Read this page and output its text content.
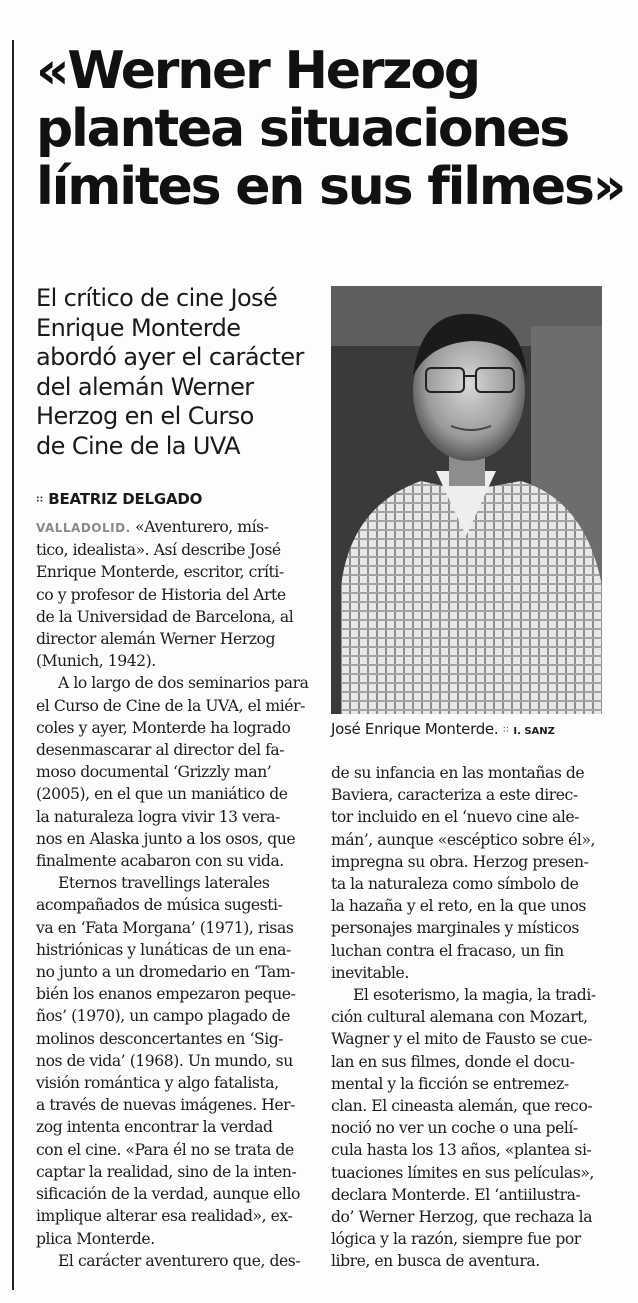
«Werner Herzog
plantea situaciones
límites en sus filmes»
El crítico de cine José
Enrique Monterde
abordó ayer el carácter
del alemán Werner
Herzog en el Curso
de Cine de la UVA
:: BEATRIZ DELGADO
José Enrique Monterde. :: I. SANZ
VALLADOLID. «Aventurero, mís-
tico, idealista». Así describe José
Enrique Monterde, escritor, críti-
co y profesor de Historia del Arte
de la Universidad de Barcelona, al
director alemán Werner Herzog
(Munich, 1942).
A lo largo de dos seminarios para
el Curso de Cine de la UVA, el miér-
coles y ayer, Monterde ha logrado
desenmascarar al director del fa-
moso documental ‘Grizzly man’
(2005), en el que un maniático de
la naturaleza logra vivir 13 vera-
nos en Alaska junto a los osos, que
finalmente acabaron con su vida.
Eternos travellings laterales
acompañados de música sugesti-
va en ‘Fata Morgana’ (1971), risas
histriónicas y lunáticas de un ena-
no junto a un dromedario en ‘Tam-
bién los enanos empezaron peque-
ños’ (1970), un campo plagado de
molinos desconcertantes en ‘Sig-
nos de vida’ (1968). Un mundo, su
visión romántica y algo fatalista,
a través de nuevas imágenes. Her-
zog intenta encontrar la verdad
con el cine. «Para él no se trata de
captar la realidad, sino de la inten-
sificación de la verdad, aunque ello
implique alterar esa realidad», ex-
plica Monterde.
El carácter aventurero que, des-
de su infancia en las montañas de
Baviera, caracteriza a este direc-
tor incluido en el ‘nuevo cine ale-
mán’, aunque «escéptico sobre él»,
impregna su obra. Herzog presen-
ta la naturaleza como símbolo de
la hazaña y el reto, en la que unos
personajes marginales y místicos
luchan contra el fracaso, un fin
inevitable.
El esoterismo, la magia, la tradi-
ción cultural alemana con Mozart,
Wagner y el mito de Fausto se cue-
lan en sus filmes, donde el docu-
mental y la ficción se entremez-
clan. El cineasta alemán, que reco-
noció no ver un coche o una pelí-
cula hasta los 13 años, «plantea si-
tuaciones límites en sus películas»,
declara Monterde. El ‘antiilustra-
do’ Werner Herzog, que rechaza la
lógica y la razón, siempre fue por
libre, en busca de aventura.
